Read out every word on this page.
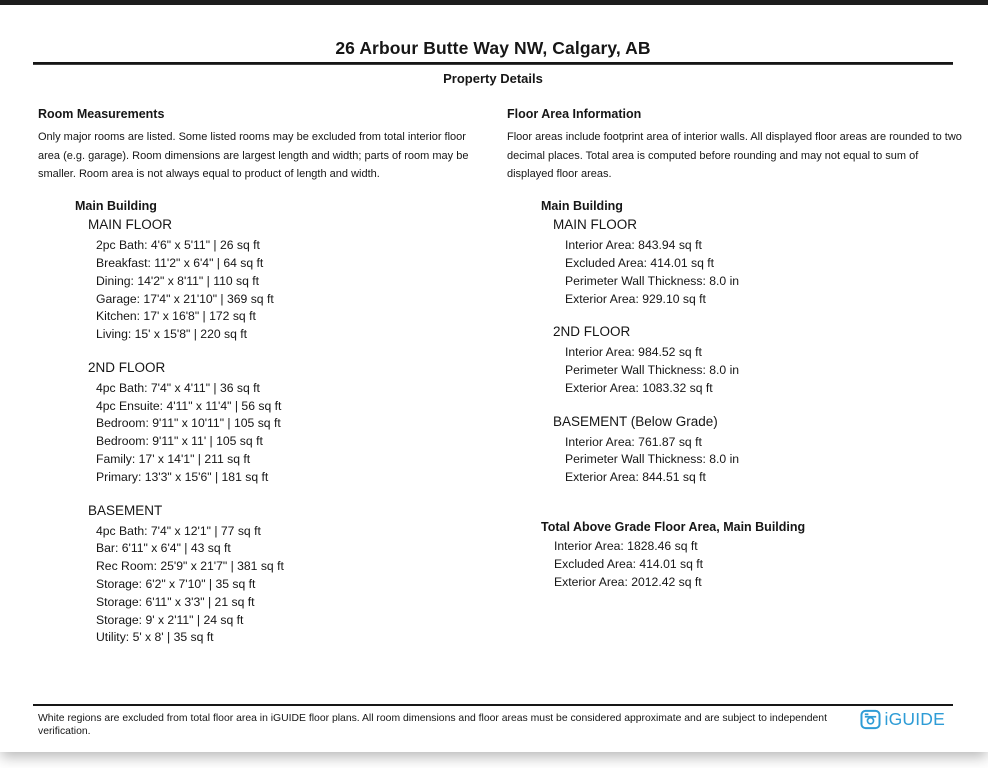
26 Arbour Butte Way NW, Calgary, AB
Property Details
Room Measurements

Only major rooms are listed. Some listed rooms may be excluded from total interior floor area (e.g. garage). Room dimensions are largest length and width; parts of room may be smaller. Room area is not always equal to product of length and width.

Main Building
MAIN FLOOR
2pc Bath: 4'6" x 5'11" | 26 sq ft
Breakfast: 11'2" x 6'4" | 64 sq ft
Dining: 14'2" x 8'11" | 110 sq ft
Garage: 17'4" x 21'10" | 369 sq ft
Kitchen: 17' x 16'8" | 172 sq ft
Living: 15' x 15'8" | 220 sq ft
2ND FLOOR
4pc Bath: 7'4" x 4'11" | 36 sq ft
4pc Ensuite: 4'11" x 11'4" | 56 sq ft
Bedroom: 9'11" x 10'11" | 105 sq ft
Bedroom: 9'11" x 11' | 105 sq ft
Family: 17' x 14'1" | 211 sq ft
Primary: 13'3" x 15'6" | 181 sq ft
BASEMENT
4pc Bath: 7'4" x 12'1" | 77 sq ft
Bar: 6'11" x 6'4" | 43 sq ft
Rec Room: 25'9" x 21'7" | 381 sq ft
Storage: 6'2" x 7'10" | 35 sq ft
Storage: 6'11" x 3'3" | 21 sq ft
Storage: 9' x 2'11" | 24 sq ft
Utility: 5' x 8' | 35 sq ft
Floor Area Information

Floor areas include footprint area of interior walls. All displayed floor areas are rounded to two decimal places. Total area is computed before rounding and may not equal to sum of displayed floor areas.

Main Building
MAIN FLOOR
Interior Area: 843.94 sq ft
Excluded Area: 414.01 sq ft
Perimeter Wall Thickness: 8.0 in
Exterior Area: 929.10 sq ft
2ND FLOOR
Interior Area: 984.52 sq ft
Perimeter Wall Thickness: 8.0 in
Exterior Area: 1083.32 sq ft
BASEMENT (Below Grade)
Interior Area: 761.87 sq ft
Perimeter Wall Thickness: 8.0 in
Exterior Area: 844.51 sq ft
Total Above Grade Floor Area, Main Building
Interior Area: 1828.46 sq ft
Excluded Area: 414.01 sq ft
Exterior Area: 2012.42 sq ft

White regions are excluded from total floor area in iGUIDE floor plans. All room dimensions and floor areas must be considered approximate and are subject to independent verification.

iGUIDE
